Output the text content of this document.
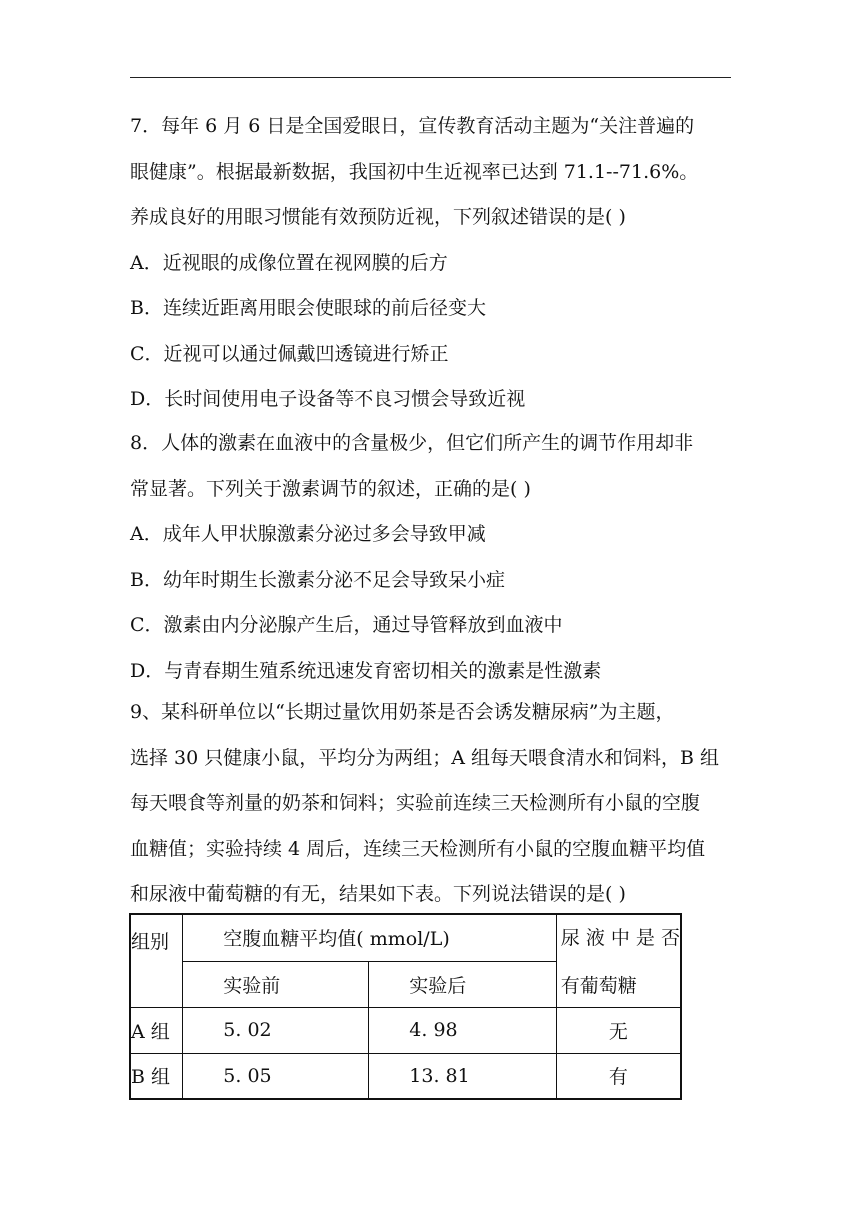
7．每年 6 月 6 日是全国爱眼日，宣传教育活动主题为“关注普遍的
眼健康”。根据最新数据，我国初中生近视率已达到 71.1--71.6%。
养成良好的用眼习惯能有效预防近视，下列叙述错误的是( )
A．近视眼的成像位置在视网膜的后方
B．连续近距离用眼会使眼球的前后径变大
C．近视可以通过佩戴凹透镜进行矫正
D．长时间使用电子设备等不良习惯会导致近视
8．人体的激素在血液中的含量极少，但它们所产生的调节作用却非
常显著。下列关于激素调节的叙述，正确的是( )
A．成年人甲状腺激素分泌过多会导致甲减
B．幼年时期生长激素分泌不足会导致呆小症
C．激素由内分泌腺产生后，通过导管释放到血液中
D．与青春期生殖系统迅速发育密切相关的激素是性激素
9、某科研单位以“长期过量饮用奶茶是否会诱发糖尿病”为主题，
选择 30 只健康小鼠，平均分为两组；A 组每天喂食清水和饲料，B 组
每天喂食等剂量的奶茶和饲料；实验前连续三天检测所有小鼠的空腹
血糖值；实验持续 4 周后，连续三天检测所有小鼠的空腹血糖平均值
和尿液中葡萄糖的有无，结果如下表。下列说法错误的是( )
组别	空腹血糖平均值( mmol/L)		尿 液 中 是 否
有葡萄糖

	实验前	实验后	
A 组	5. 02	4. 98	无
B 组	5. 05	13. 81	有
